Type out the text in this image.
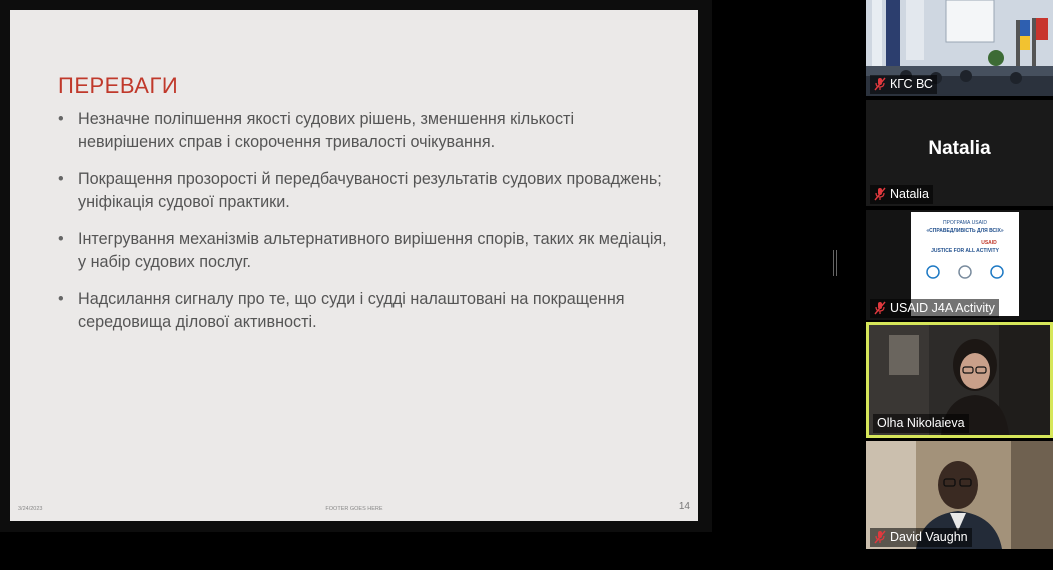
ПЕРЕВАГИ
• Незначне поліпшення якості судових рішень, зменшення кількості невирішених справ і скорочення тривалості очікування.
• Покращення прозорості й передбачуваності результатів судових проваджень; уніфікація судової практики.
• Інтегрування механізмів альтернативного вирішення спорів, таких як медіація, у набір судових послуг.
• Надсилання сигналу про те, що суди і судді налаштовані на покращення середовища ділової активності.
3/24/2023	FOOTER GOES HERE	14
КГС ВС
Natalia
Natalia
ПРОГРАМА USAID
«СПРАВЕДЛИВІСТЬ ДЛЯ ВСІХ»
USAID
JUSTICE FOR ALL ACTIVITY
USAID J4A Activity
Olha Nikolaieva
David Vaughn
